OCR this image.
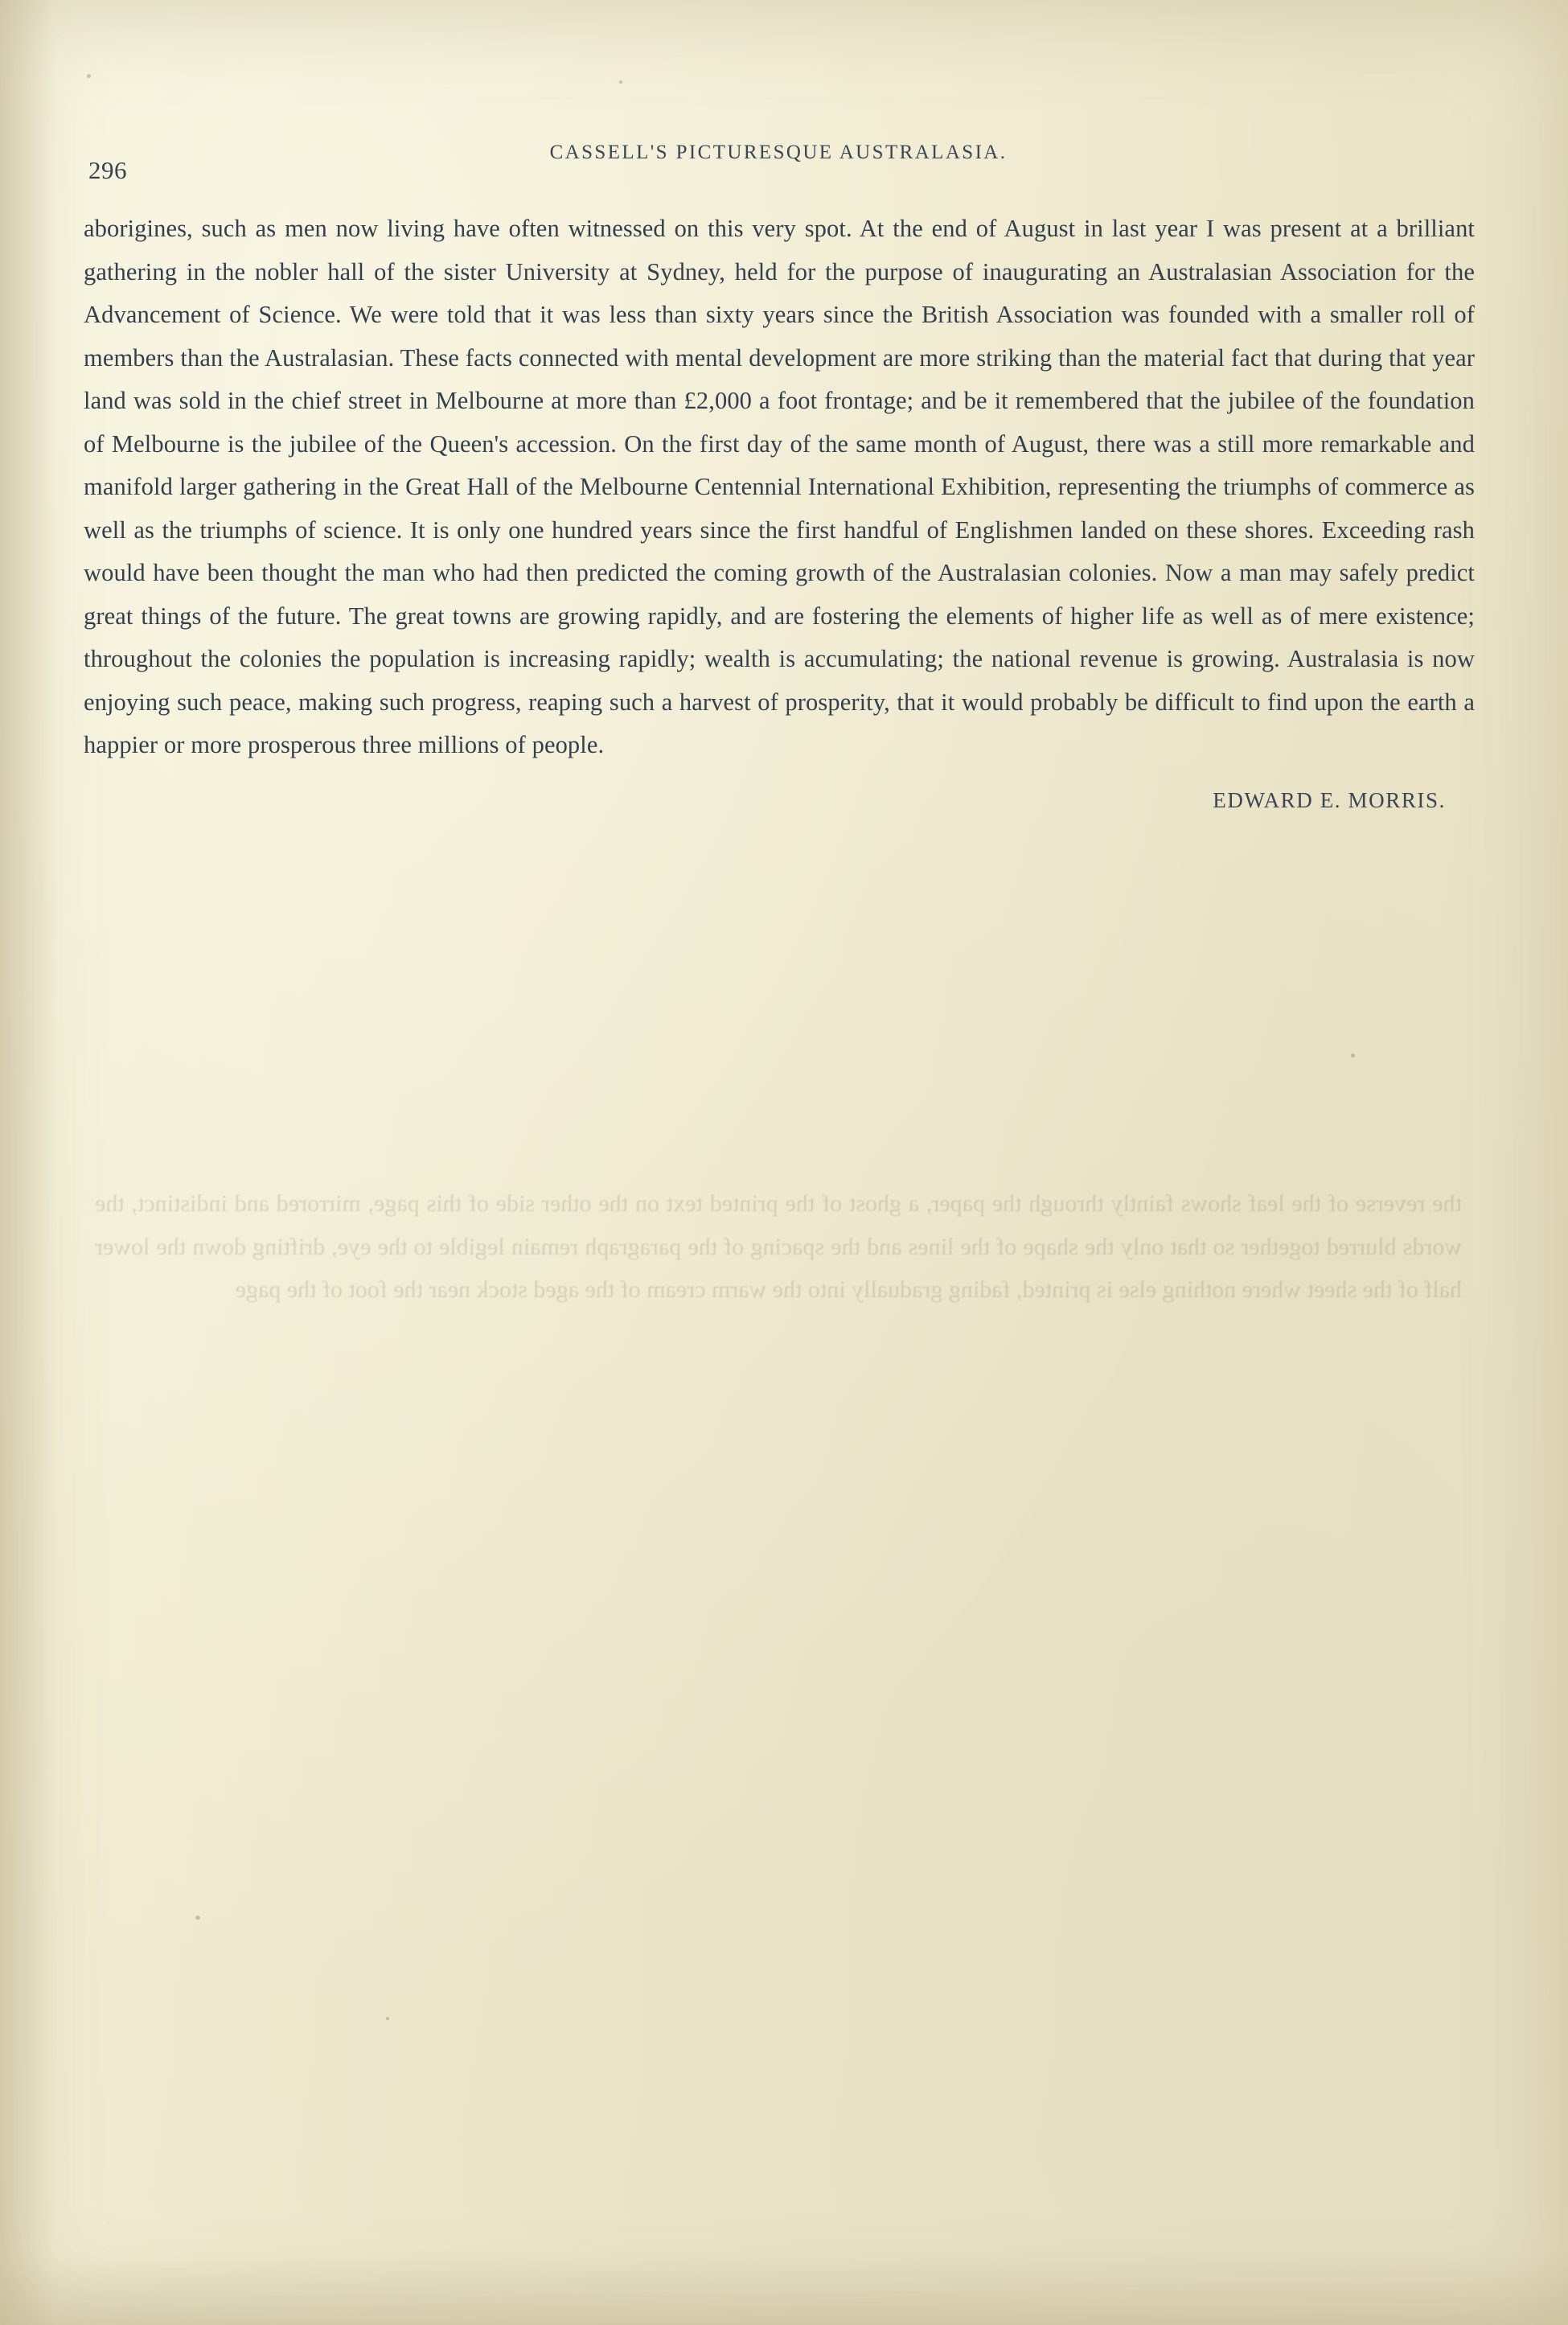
296
CASSELL'S PICTURESQUE AUSTRALASIA.

aborigines, such as men now living have often witnessed on this very spot. At the end of August in last year I was present at a brilliant gathering in the nobler hall of the sister University at Sydney, held for the purpose of inaugurating an Australasian Association for the Advancement of Science. We were told that it was less than sixty years since the British Association was founded with a smaller roll of members than the Australasian. These facts connected with mental development are more striking than the material fact that during that year land was sold in the chief street in Melbourne at more than £2,000 a foot frontage; and be it remembered that the jubilee of the foundation of Melbourne is the jubilee of the Queen's accession. On the first day of the same month of August, there was a still more remarkable and manifold larger gathering in the Great Hall of the Melbourne Centennial International Exhibition, representing the triumphs of commerce as well as the triumphs of science. It is only one hundred years since the first handful of Englishmen landed on these shores. Exceeding rash would have been thought the man who had then predicted the coming growth of the Australasian colonies. Now a man may safely predict great things of the future. The great towns are growing rapidly, and are fostering the elements of higher life as well as of mere existence; throughout the colonies the population is increasing rapidly; wealth is accumulating; the national revenue is growing. Australasia is now enjoying such peace, making such progress, reaping such a harvest of prosperity, that it would probably be difficult to find upon the earth a happier or more prosperous three millions of people.

EDWARD E. MORRIS.
the reverse of the leaf shows faintly through the paper, a ghost of the printed text on the other side of this page, mirrored and indistinct, the words blurred together so that only the shape of the lines and the spacing of the paragraph remain legible to the eye, drifting down the lower half of the sheet where nothing else is printed, fading gradually into the warm cream of the aged stock near the foot of the page
